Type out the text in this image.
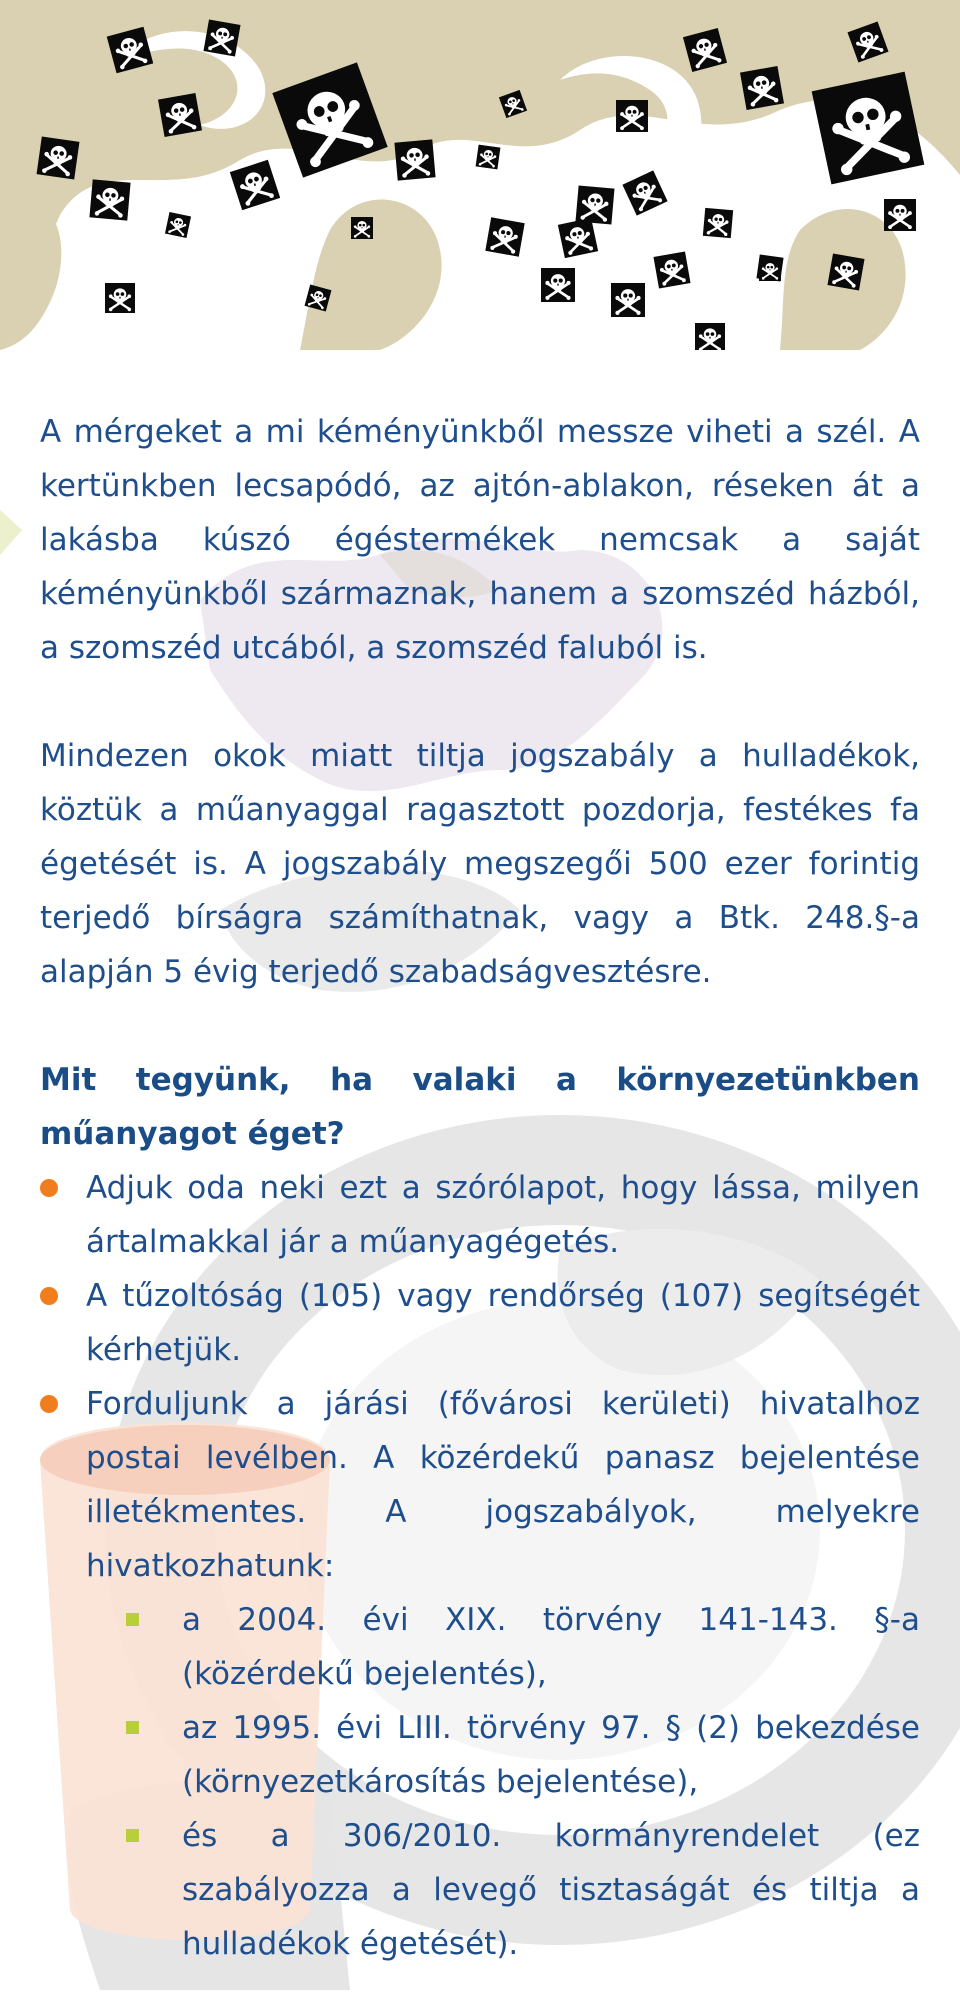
A mérgeket a mi kéményünkből messze viheti a szél. A kertünkben lecsapódó, az ajtón-ablakon, réseken át a lakásba kúszó égéstermékek nemcsak a saját kéményünkből származnak, hanem a szomszéd házból, a szomszéd utcából, a szomszéd faluból is.

Mindezen okok miatt tiltja jogszabály a hulladékok, köztük a műanyaggal ragasztott pozdorja, festékes fa égetését is. A jogszabály megszegői 500 ezer forintig terjedő bírságra számíthatnak, vagy a Btk. 248.§-a alapján 5 évig terjedő szabadságvesztésre.

Mit tegyünk, ha valaki a környezetünkben műanyagot éget?
Adjuk oda neki ezt a szórólapot, hogy lássa, milyen ártalmakkal jár a műanyagégetés.
A tűzoltóság (105) vagy rendőrség (107) segítségét kérhetjük.
Forduljunk a járási (fővárosi kerületi) hivatalhoz postai levélben. A közérdekű panasz bejelentése illetékmentes. A jogszabályok, melyekre hivatkozhatunk:
a 2004. évi XIX. törvény 141-143. §-a (közérdekű bejelentés),
az 1995. évi LIII. törvény 97. § (2) bekezdése (környezetkárosítás bejelentése),
és a 306/2010. kormányrendelet (ez szabályozza a levegő tisztaságát és tiltja a hulladékok égetését).
